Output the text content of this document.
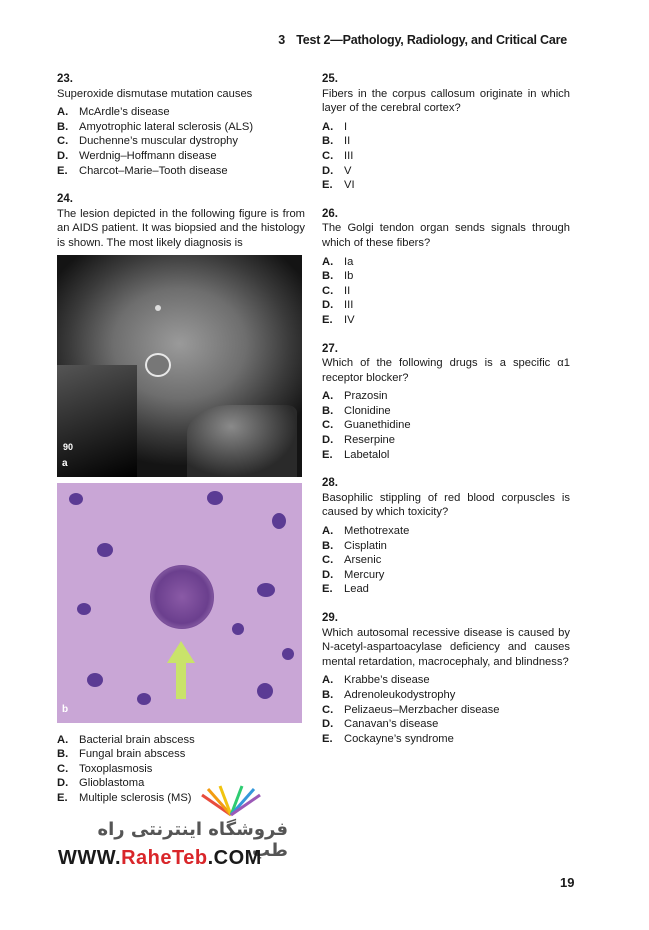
3 Test 2—Pathology, Radiology, and Critical Care
23.
Superoxide dismutase mutation causes
A. McArdle’s disease
B. Amyotrophic lateral sclerosis (ALS)
C. Duchenne’s muscular dystrophy
D. Werdnig–Hoffmann disease
E.	Charcot–Marie–Tooth disease
24.
The lesion depicted in the following figure is from an AIDS patient. It was biopsied and the histology is shown. The most likely diagnosis is
90
a
b
A. Bacterial brain abscess
B. Fungal brain abscess
C. Toxoplasmosis
D. Glioblastoma
E.	Multiple sclerosis (MS)
25.
Fibers in the corpus callosum originate in which layer of the cerebral cortex?
A. I
B. II
C. III
D. V
E.	VI
26.
The Golgi tendon organ sends signals through which of these fibers?
A. Ia
B. Ib
C. II
D. III
E.	IV
27.
Which of the following drugs is a specific α1 receptor blocker?
A. Prazosin
B. Clonidine
C. Guanethidine
D. Reserpine
E.	Labetalol
28.
Basophilic stippling of red blood corpuscles is caused by which toxicity?
A. Methotrexate
B. Cisplatin
C. Arsenic
D. Mercury
E.	Lead
29.
Which autosomal recessive disease is caused by N-acetyl-aspartoacylase deficiency and causes mental retardation, macrocephaly, and blindness?
A. Krabbe’s disease
B. Adrenoleukodystrophy
C. Pelizaeus–Merzbacher disease
D. Canavan’s disease
E.	Cockayne’s syndrome
فروشگاه اینترنتی راه طب
WWW.RaheTeb.COM
19
